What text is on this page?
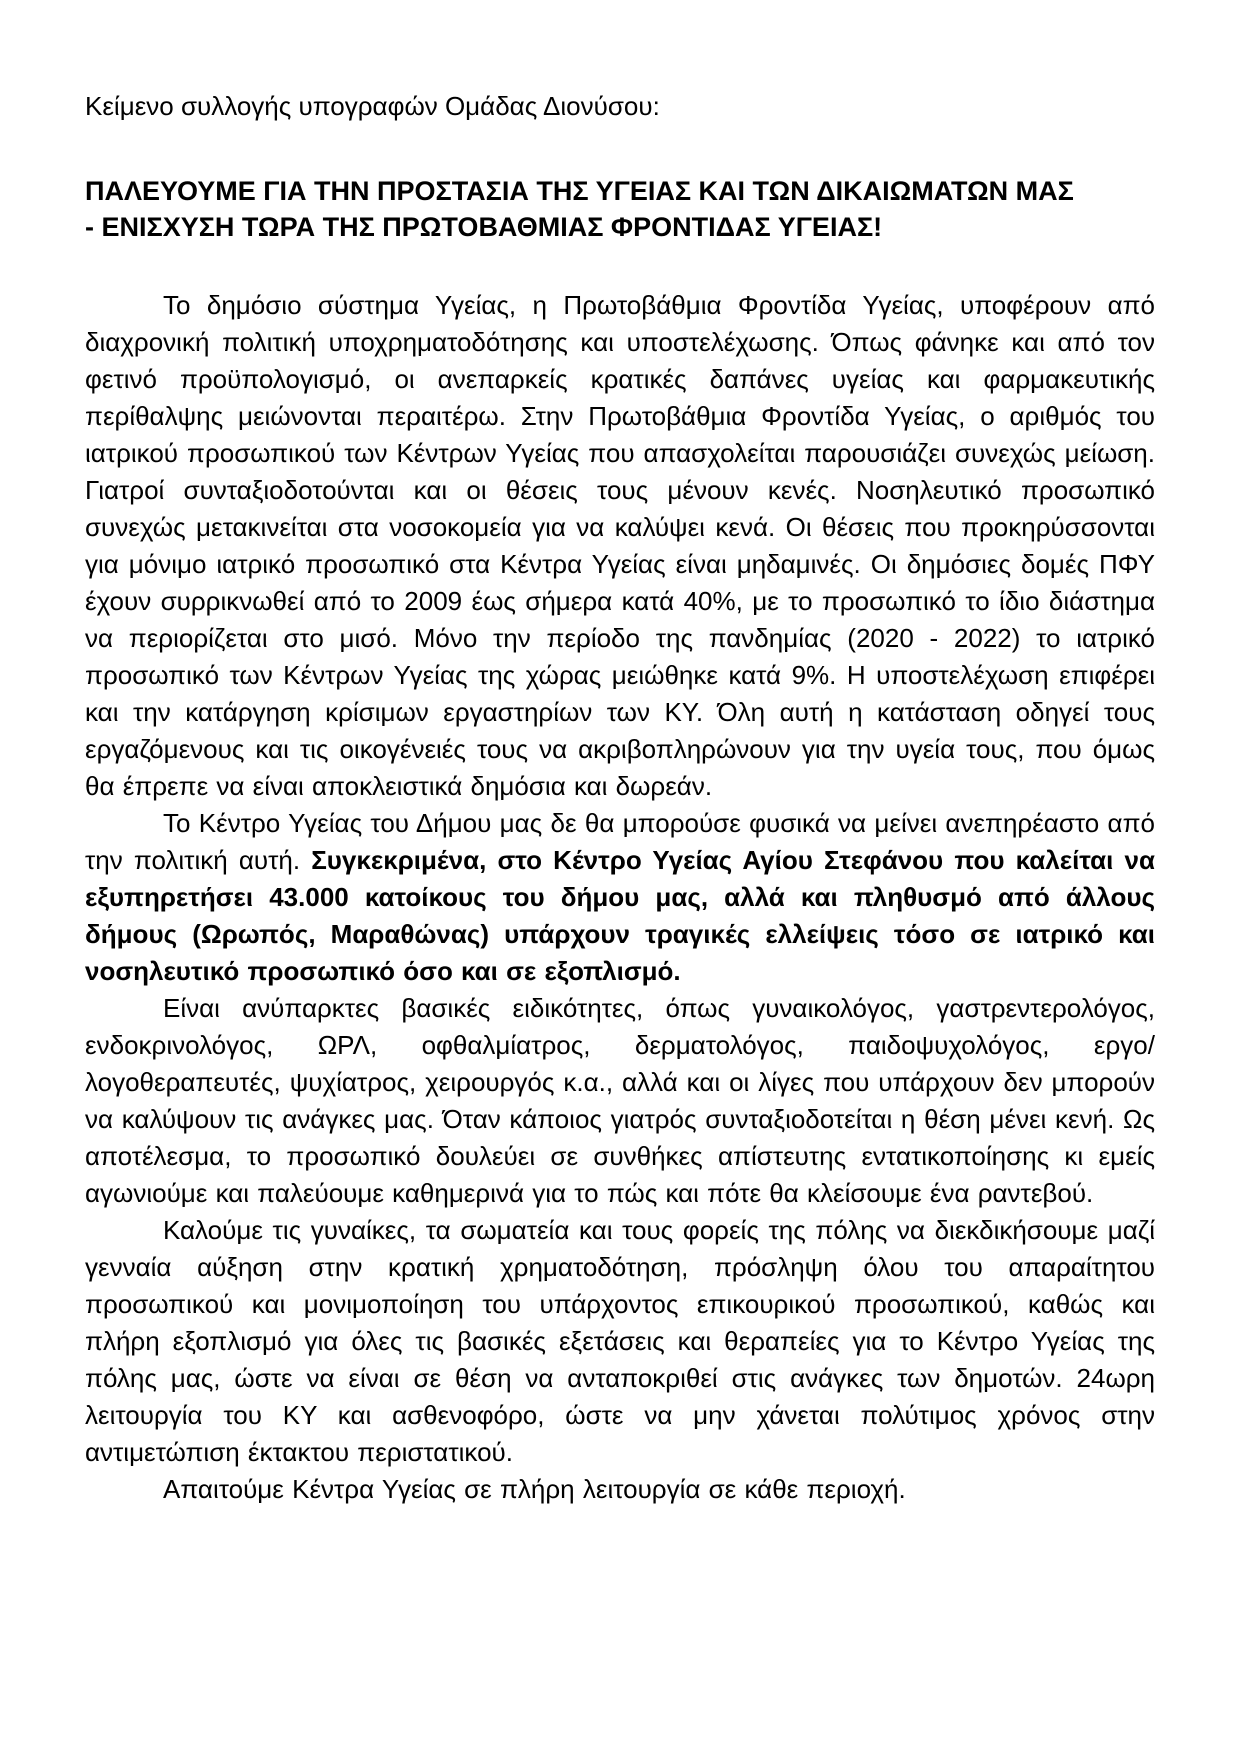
Κείμενο συλλογής υπογραφών Ομάδας Διονύσου:

ΠΑΛΕΥΟΥΜΕ ΓΙΑ ΤΗΝ ΠΡΟΣΤΑΣΙΑ ΤΗΣ ΥΓΕΙΑΣ ΚΑΙ ΤΩΝ ΔΙΚΑΙΩΜΑΤΩΝ ΜΑΣ
- ΕΝΙΣΧΥΣΗ ΤΩΡΑ ΤΗΣ ΠΡΩΤΟΒΑΘΜΙΑΣ ΦΡΟΝΤΙΔΑΣ ΥΓΕΙΑΣ!

Το δημόσιο σύστημα Υγείας, η Πρωτοβάθμια Φροντίδα Υγείας, υποφέρουν από διαχρονική πολιτική υποχρηματοδότησης και υποστελέχωσης. Όπως φάνηκε και από τον φετινό προϋπολογισμό, οι ανεπαρκείς κρατικές δαπάνες υγείας και φαρμακευτικής περίθαλψης μειώνονται περαιτέρω. Στην Πρωτοβάθμια Φροντίδα Υγείας, ο αριθμός του ιατρικού προσωπικού των Κέντρων Υγείας που απασχολείται παρουσιάζει συνεχώς μείωση. Γιατροί συνταξιοδοτούνται και οι θέσεις τους μένουν κενές. Νοσηλευτικό προσωπικό συνεχώς μετακινείται στα νοσοκομεία για να καλύψει κενά. Οι θέσεις που προκηρύσσονται για μόνιμο ιατρικό προσωπικό στα Κέντρα Υγείας είναι μηδαμινές. Οι δημόσιες δομές ΠΦΥ έχουν συρρικνωθεί από το 2009 έως σήμερα κατά 40%, με το προσωπικό το ίδιο διάστημα να περιορίζεται στο μισό. Μόνο την περίοδο της πανδημίας (2020 - 2022) το ιατρικό προσωπικό των Κέντρων Υγείας της χώρας μειώθηκε κατά 9%. Η υποστελέχωση επιφέρει και την κατάργηση κρίσιμων εργαστηρίων των ΚΥ. Όλη αυτή η κατάσταση οδηγεί τους εργαζόμενους και τις οικογένειές τους να ακριβοπληρώνουν για την υγεία τους, που όμως θα έπρεπε να είναι αποκλειστικά δημόσια και δωρεάν.

Το Κέντρο Υγείας του Δήμου μας δε θα μπορούσε φυσικά να μείνει ανεπηρέαστο από την πολιτική αυτή. Συγκεκριμένα, στο Κέντρο Υγείας Αγίου Στεφάνου που καλείται να εξυπηρετήσει 43.000 κατοίκους του δήμου μας, αλλά και πληθυσμό από άλλους δήμους (Ωρωπός, Μαραθώνας) υπάρχουν τραγικές ελλείψεις τόσο σε ιατρικό και νοσηλευτικό προσωπικό όσο και σε εξοπλισμό.

Είναι ανύπαρκτες βασικές ειδικότητες, όπως γυναικολόγος, γαστρεντερολόγος, ενδοκρινολόγος, ΩΡΛ, οφθαλμίατρος, δερματολόγος, παιδοψυχολόγος, εργο/λογοθεραπευτές, ψυχίατρος, χειρουργός κ.α., αλλά και οι λίγες που υπάρχουν δεν μπορούν να καλύψουν τις ανάγκες μας. Όταν κάποιος γιατρός συνταξιοδοτείται η θέση μένει κενή. Ως αποτέλεσμα, το προσωπικό δουλεύει σε συνθήκες απίστευτης εντατικοποίησης κι εμείς αγωνιούμε και παλεύουμε καθημερινά για το πώς και πότε θα κλείσουμε ένα ραντεβού.

Καλούμε τις γυναίκες, τα σωματεία και τους φορείς της πόλης να διεκδικήσουμε μαζί γενναία αύξηση στην κρατική χρηματοδότηση, πρόσληψη όλου του απαραίτητου προσωπικού και μονιμοποίηση του υπάρχοντος επικουρικού προσωπικού, καθώς και πλήρη εξοπλισμό για όλες τις βασικές εξετάσεις και θεραπείες για το Κέντρο Υγείας της πόλης μας, ώστε να είναι σε θέση να ανταποκριθεί στις ανάγκες των δημοτών. 24ωρη λειτουργία του ΚΥ και ασθενοφόρο, ώστε να μην χάνεται πολύτιμος χρόνος στην αντιμετώπιση έκτακτου περιστατικού.

Απαιτούμε Κέντρα Υγείας σε πλήρη λειτουργία σε κάθε περιοχή.
